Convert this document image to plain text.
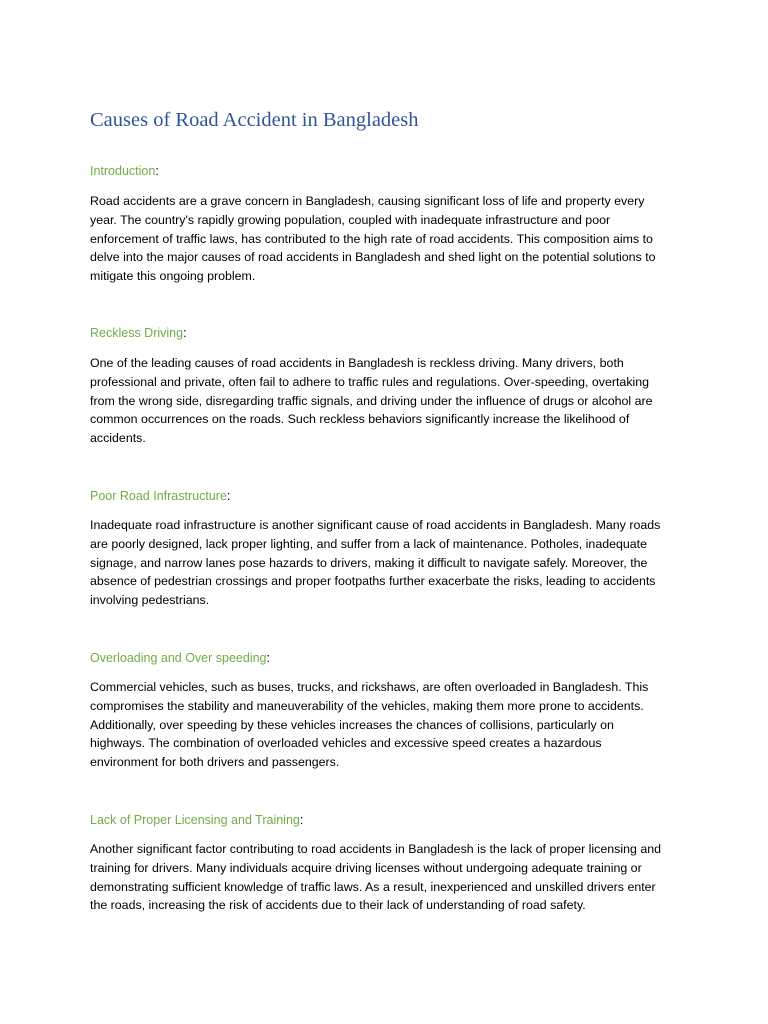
Causes of Road Accident in Bangladesh

Introduction:

Road accidents are a grave concern in Bangladesh, causing significant loss of life and property every
year. The country's rapidly growing population, coupled with inadequate infrastructure and poor
enforcement of traffic laws, has contributed to the high rate of road accidents. This composition aims to
delve into the major causes of road accidents in Bangladesh and shed light on the potential solutions to
mitigate this ongoing problem.

Reckless Driving:

One of the leading causes of road accidents in Bangladesh is reckless driving. Many drivers, both
professional and private, often fail to adhere to traffic rules and regulations. Over-speeding, overtaking
from the wrong side, disregarding traffic signals, and driving under the influence of drugs or alcohol are
common occurrences on the roads. Such reckless behaviors significantly increase the likelihood of
accidents.

Poor Road Infrastructure:

Inadequate road infrastructure is another significant cause of road accidents in Bangladesh. Many roads
are poorly designed, lack proper lighting, and suffer from a lack of maintenance. Potholes, inadequate
signage, and narrow lanes pose hazards to drivers, making it difficult to navigate safely. Moreover, the
absence of pedestrian crossings and proper footpaths further exacerbate the risks, leading to accidents
involving pedestrians.

Overloading and Over speeding:

Commercial vehicles, such as buses, trucks, and rickshaws, are often overloaded in Bangladesh. This
compromises the stability and maneuverability of the vehicles, making them more prone to accidents.
Additionally, over speeding by these vehicles increases the chances of collisions, particularly on
highways. The combination of overloaded vehicles and excessive speed creates a hazardous
environment for both drivers and passengers.

Lack of Proper Licensing and Training:

Another significant factor contributing to road accidents in Bangladesh is the lack of proper licensing and
training for drivers. Many individuals acquire driving licenses without undergoing adequate training or
demonstrating sufficient knowledge of traffic laws. As a result, inexperienced and unskilled drivers enter
the roads, increasing the risk of accidents due to their lack of understanding of road safety.
